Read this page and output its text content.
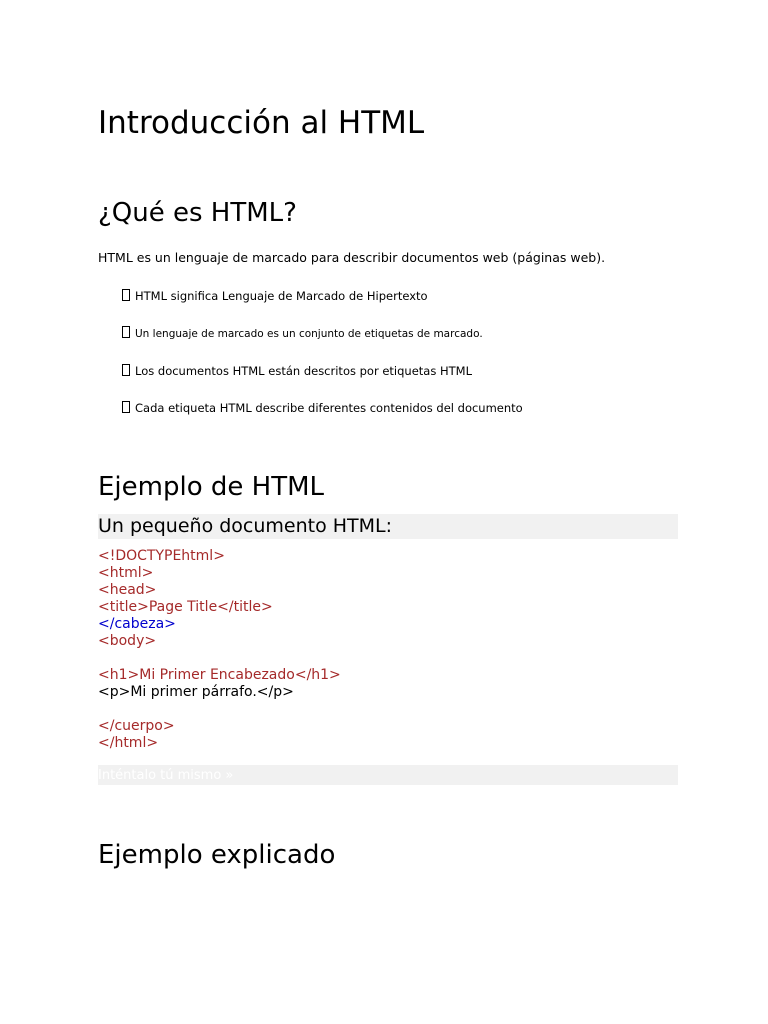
Introducción al HTML
¿Qué es HTML?
HTML es un lenguaje de marcado para describir documentos web (páginas web).
HTML significa Lenguaje de Marcado de Hipertexto
Un lenguaje de marcado es un conjunto de etiquetas de marcado.
Los documentos HTML están descritos por etiquetas HTML
Cada etiqueta HTML describe diferentes contenidos del documento
Ejemplo de HTML
Un pequeño documento HTML:
<!DOCTYPEhtml>
<html>
<head>
<title>Page Title</title>
</cabeza>
<body>
<h1>Mi Primer Encabezado</h1>
<p>Mi primer párrafo.</p>
</cuerpo>
</html>
Inténtalo tú mismo »
Ejemplo explicado
